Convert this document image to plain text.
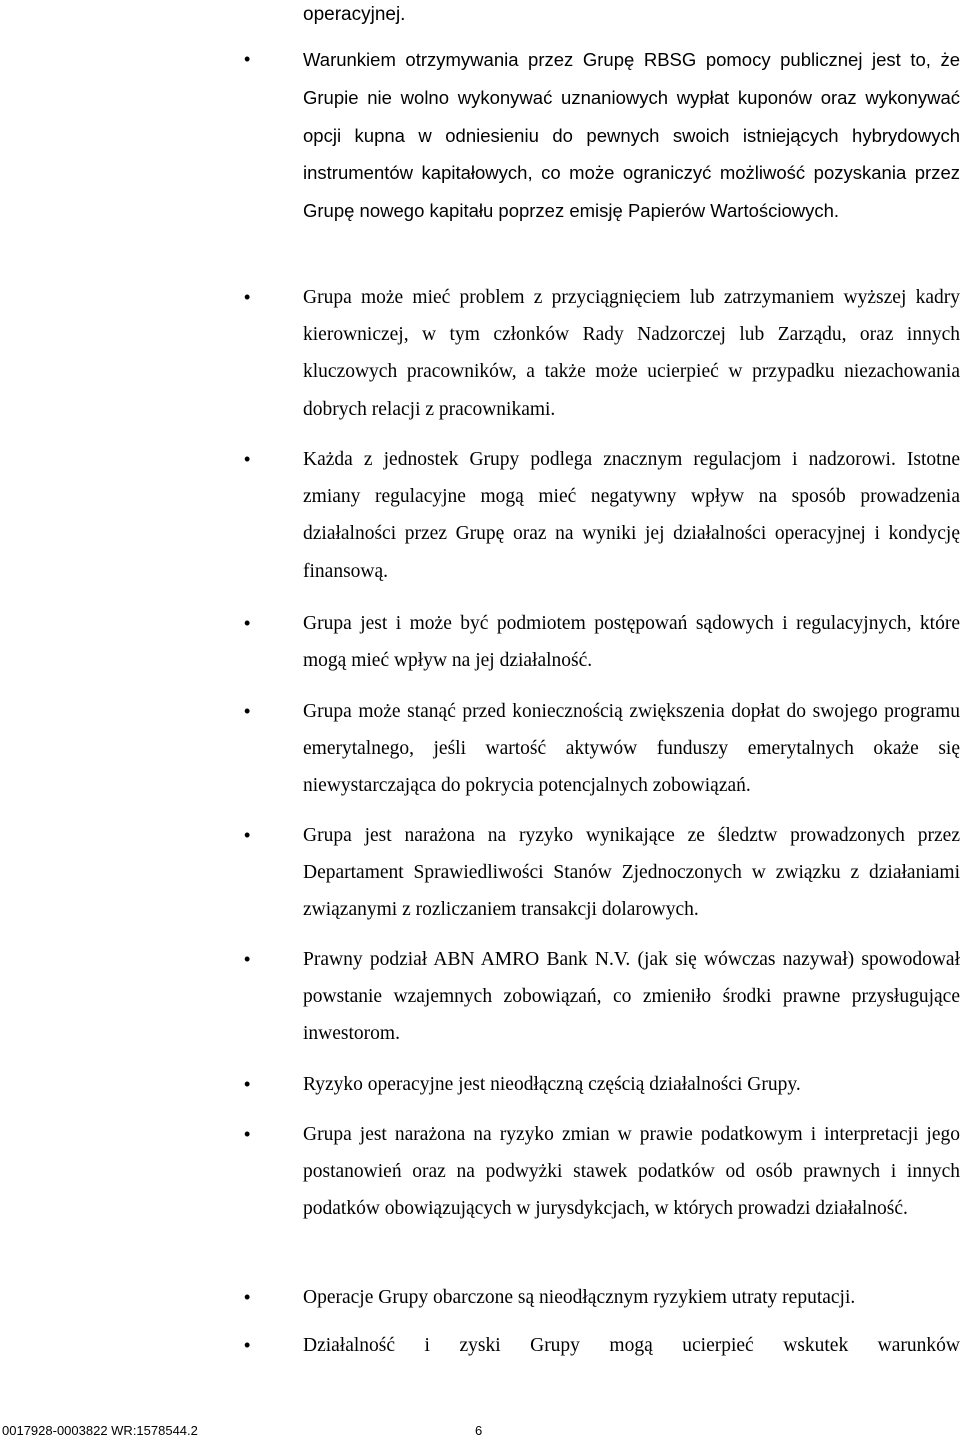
operacyjnej.

•	Warunkiem otrzymywania przez Grupę RBSG pomocy publicznej jest to, że Grupie nie wolno wykonywać uznaniowych wypłat kuponów oraz wykonywać opcji kupna w odniesieniu do pewnych swoich istniejących hybrydowych instrumentów kapitałowych, co może ograniczyć możliwość pozyskania przez Grupę nowego kapitału poprzez emisję Papierów Wartościowych.

•	Grupa może mieć problem z przyciągnięciem lub zatrzymaniem wyższej kadry kierowniczej, w tym członków Rady Nadzorczej lub Zarządu, oraz innych kluczowych pracowników, a także może ucierpieć w przypadku niezachowania dobrych relacji z pracownikami.

•	Każda z jednostek Grupy podlega znacznym regulacjom i nadzorowi. Istotne zmiany regulacyjne mogą mieć negatywny wpływ na sposób prowadzenia działalności przez Grupę oraz na wyniki jej działalności operacyjnej i kondycję finansową.

•	Grupa jest i może być podmiotem postępowań sądowych i regulacyjnych, które mogą mieć wpływ na jej działalność.

•	Grupa może stanąć przed koniecznością zwiększenia dopłat do swojego programu emerytalnego, jeśli wartość aktywów funduszy emerytalnych okaże się niewystarczająca do pokrycia potencjalnych zobowiązań.

•	Grupa jest narażona na ryzyko wynikające ze śledztw prowadzonych przez Departament Sprawiedliwości Stanów Zjednoczonych w związku z działaniami związanymi z rozliczaniem transakcji dolarowych.

•	Prawny podział ABN AMRO Bank N.V. (jak się wówczas nazywał) spowodował powstanie wzajemnych zobowiązań, co zmieniło środki prawne przysługujące inwestorom.

•	Ryzyko operacyjne jest nieodłączną częścią działalności Grupy.

•	Grupa jest narażona na ryzyko zmian w prawie podatkowym i interpretacji jego postanowień oraz na podwyżki stawek podatków od osób prawnych i innych podatków obowiązujących w jurysdykcjach, w których prowadzi działalność.

•	Operacje Grupy obarczone są nieodłącznym ryzykiem utraty reputacji.

•	Działalność i zyski Grupy mogą ucierpieć wskutek warunków

0017928-0003822 WR:1578544.2	6
